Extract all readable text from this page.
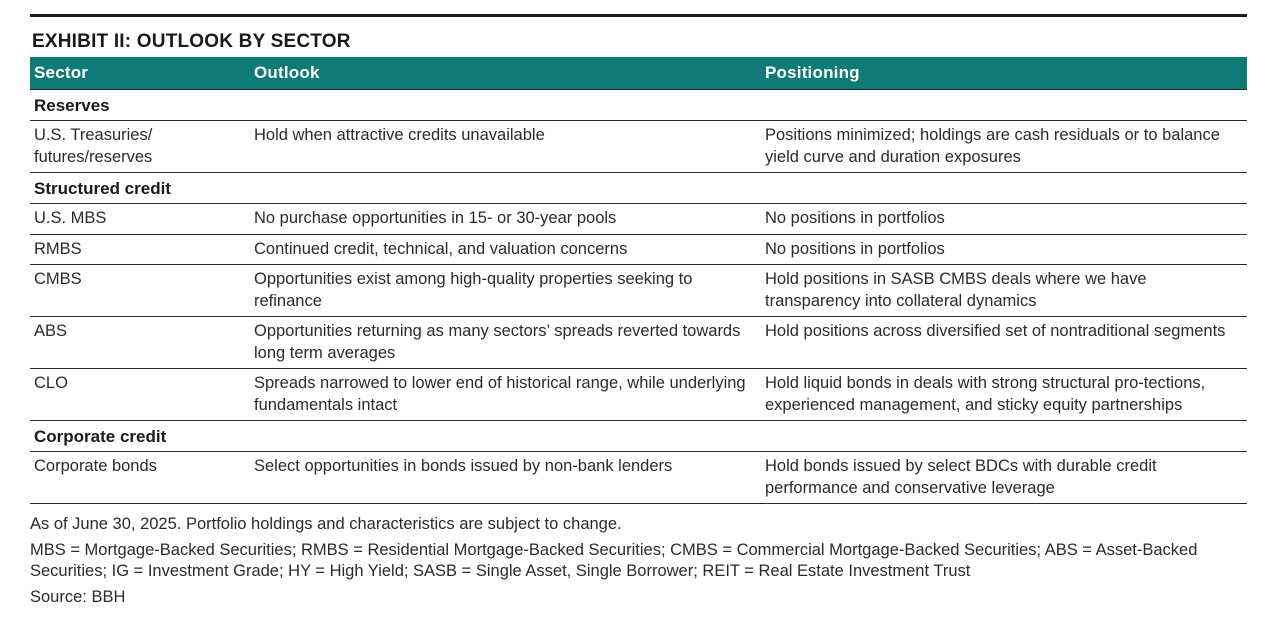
EXHIBIT II: OUTLOOK BY SECTOR
Sector	Outlook	Positioning
Reserves		
U.S. Treasuries/ futures/reserves	Hold when attractive credits unavailable	Positions minimized; holdings are cash residuals or to balance yield curve and duration exposures
Structured credit		
U.S. MBS	No purchase opportunities in 15- or 30-year pools	No positions in portfolios
RMBS	Continued credit, technical, and valuation concerns	No positions in portfolios
CMBS	Opportunities exist among high-quality properties seeking to refinance	Hold positions in SASB CMBS deals where we have transparency into collateral dynamics
ABS	Opportunities returning as many sectors’ spreads reverted towards long term averages	Hold positions across diversified set of nontraditional segments
CLO	Spreads narrowed to lower end of historical range, while underlying fundamentals intact	Hold liquid bonds in deals with strong structural pro-tections, experienced management, and sticky equity partnerships
Corporate credit		
Corporate bonds	Select opportunities in bonds issued by non-bank lenders	Hold bonds issued by select BDCs with durable credit performance and conservative leverage

As of June 30, 2025. Portfolio holdings and characteristics are subject to change.

MBS = Mortgage-Backed Securities; RMBS = Residential Mortgage-Backed Securities; CMBS = Commercial Mortgage-Backed Securities; ABS = Asset-Backed Securities; IG = Investment Grade; HY = High Yield; SASB = Single Asset, Single Borrower; REIT = Real Estate Investment Trust

Source: BBH
